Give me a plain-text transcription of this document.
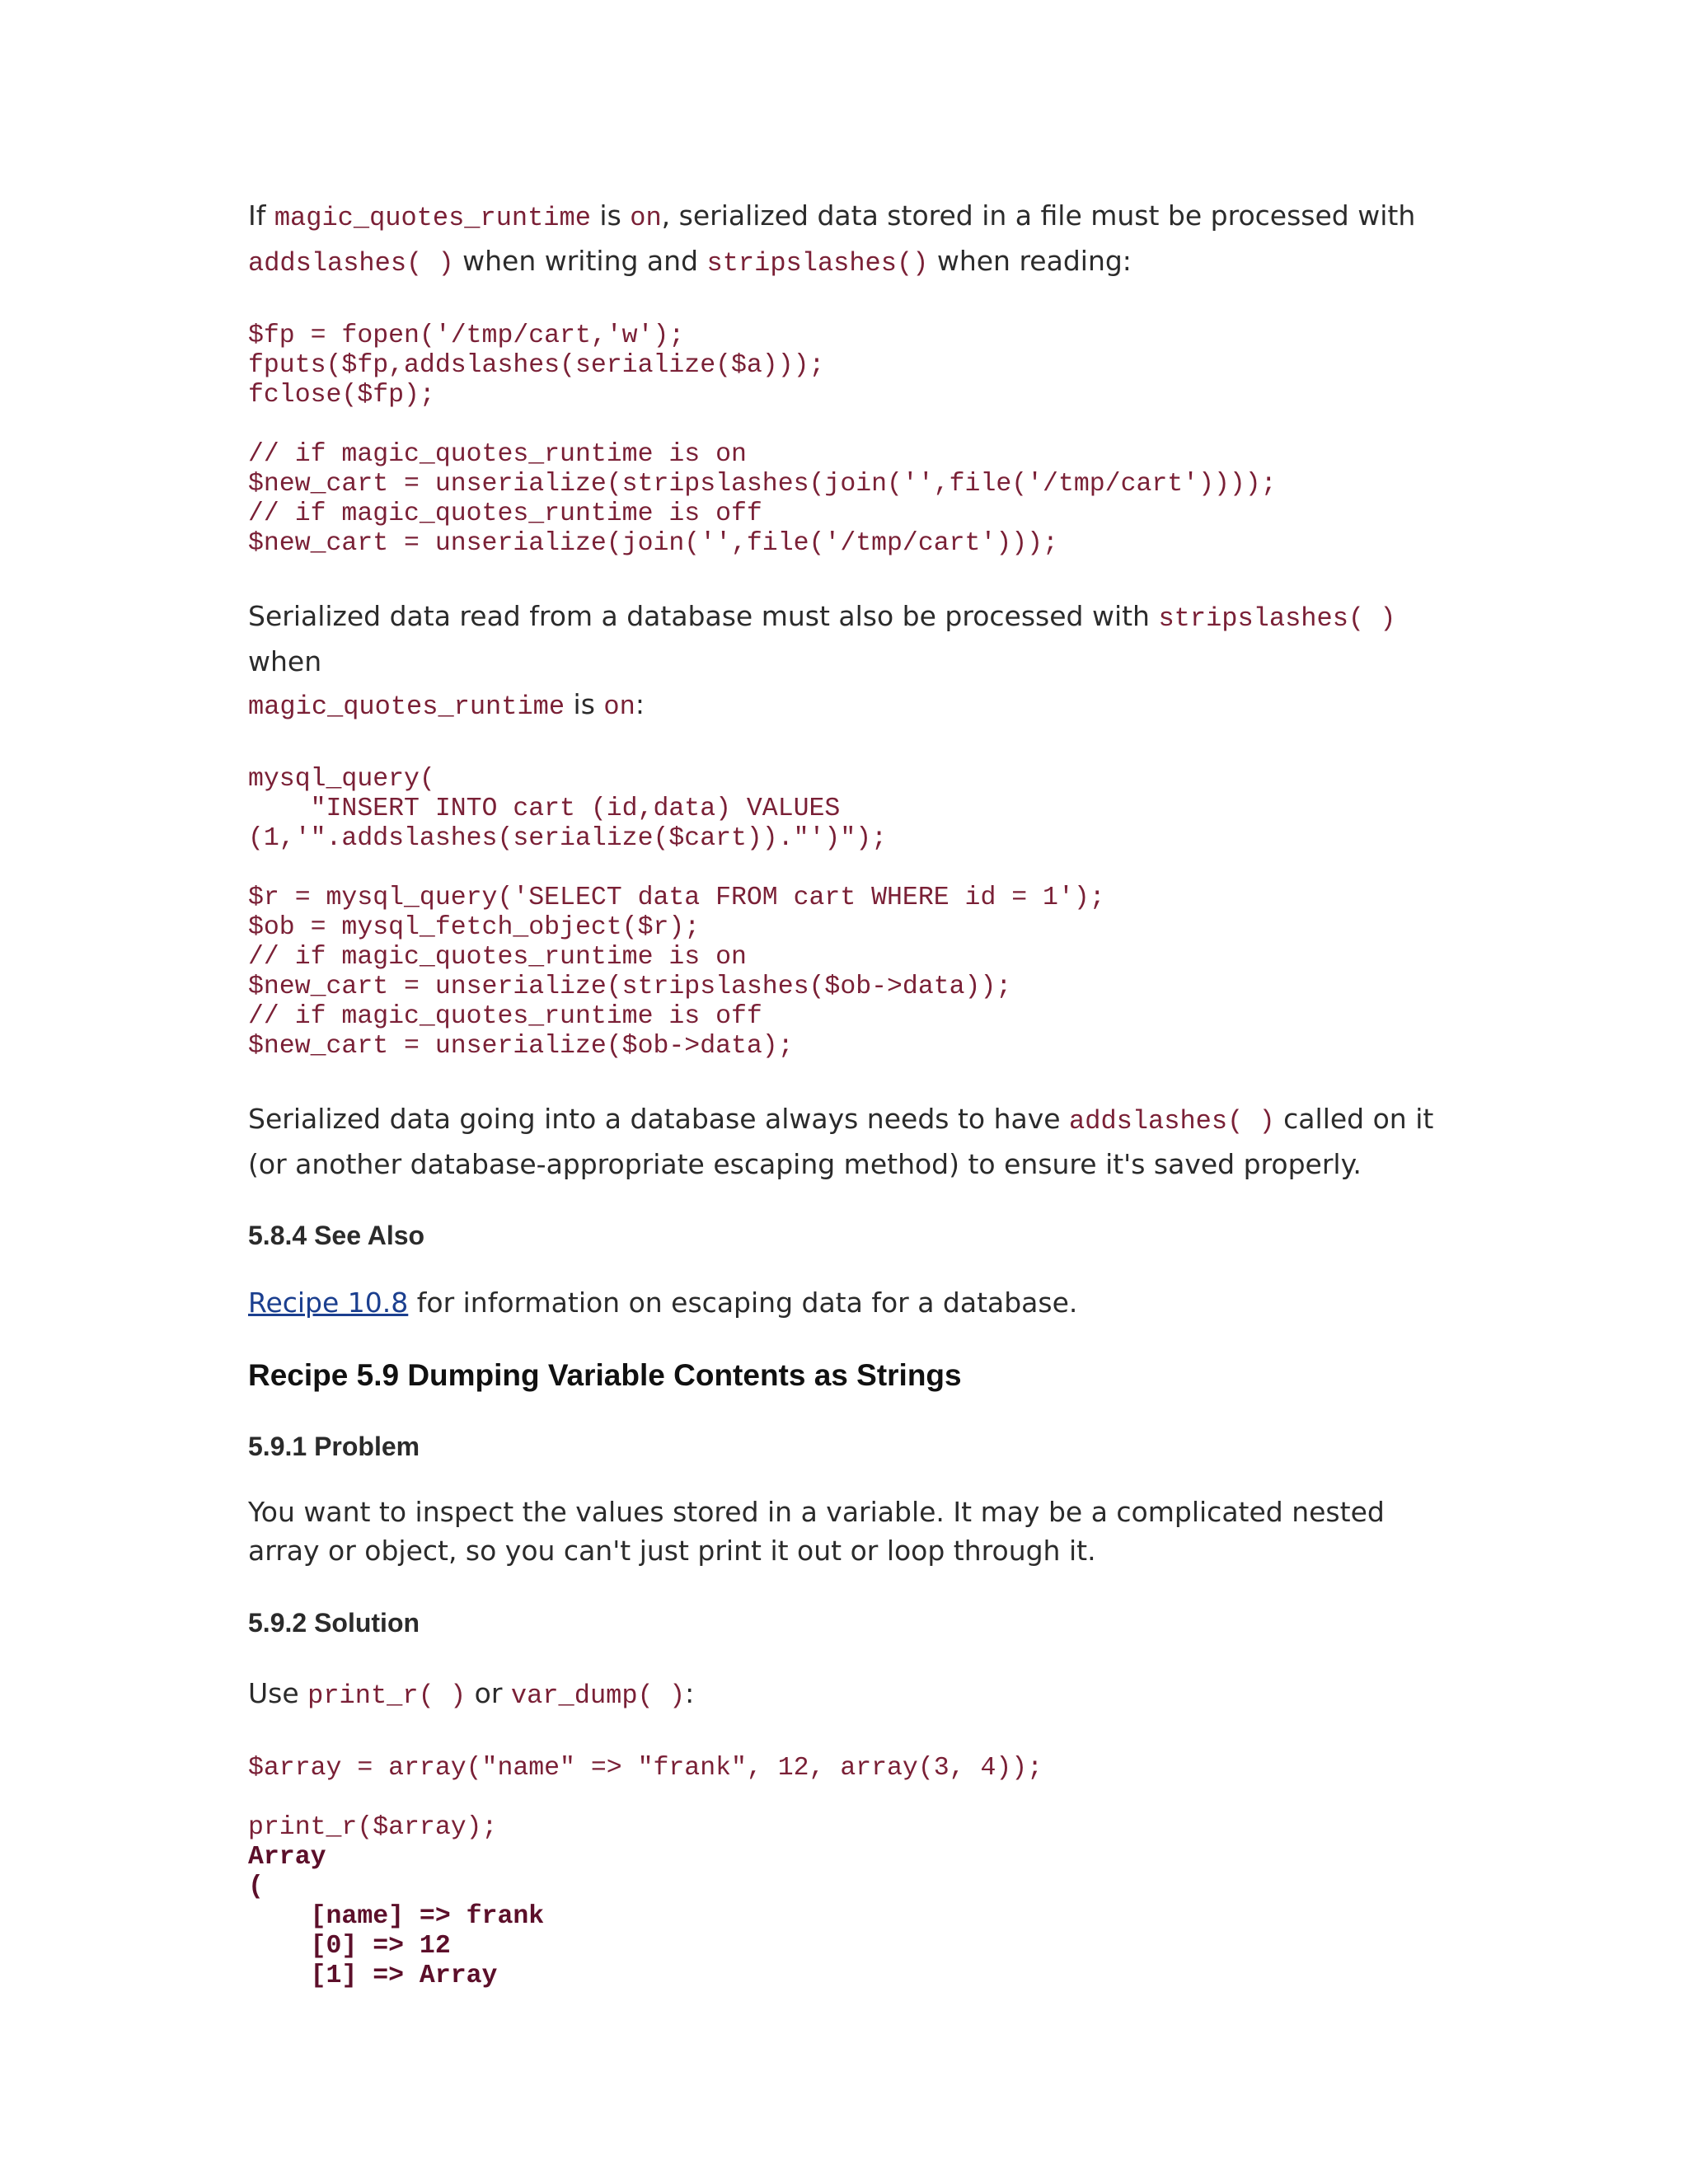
If magic_quotes_runtime is on, serialized data stored in a file must be processed with
addslashes( ) when writing and stripslashes() when reading:

$fp = fopen('/tmp/cart,'w');
fputs($fp,addslashes(serialize($a)));
fclose($fp);
// if magic_quotes_runtime is on
$new_cart = unserialize(stripslashes(join('',file('/tmp/cart'))));
// if magic_quotes_runtime is off
$new_cart = unserialize(join('',file('/tmp/cart')));

Serialized data read from a database must also be processed with stripslashes( ) when
magic_quotes_runtime is on:

mysql_query(
"INSERT INTO cart (id,data) VALUES
(1,'".addslashes(serialize($cart))."')");
$r = mysql_query('SELECT data FROM cart WHERE id = 1');
$ob = mysql_fetch_object($r);
// if magic_quotes_runtime is on
$new_cart = unserialize(stripslashes($ob->data));
// if magic_quotes_runtime is off
$new_cart = unserialize($ob->data);

Serialized data going into a database always needs to have addslashes( ) called on it (or another database-appropriate escaping method) to ensure it's saved properly.

5.8.4 See Also

Recipe 10.8 for information on escaping data for a database.

Recipe 5.9 Dumping Variable Contents as Strings
5.9.1 Problem

You want to inspect the values stored in a variable. It may be a complicated nested array or object, so you can't just print it out or loop through it.

5.9.2 Solution

Use print_r( ) or var_dump( ):

$array = array("name" => "frank", 12, array(3, 4));
print_r($array);
Array
(
[name] => frank
[0] => 12
[1] => Array
